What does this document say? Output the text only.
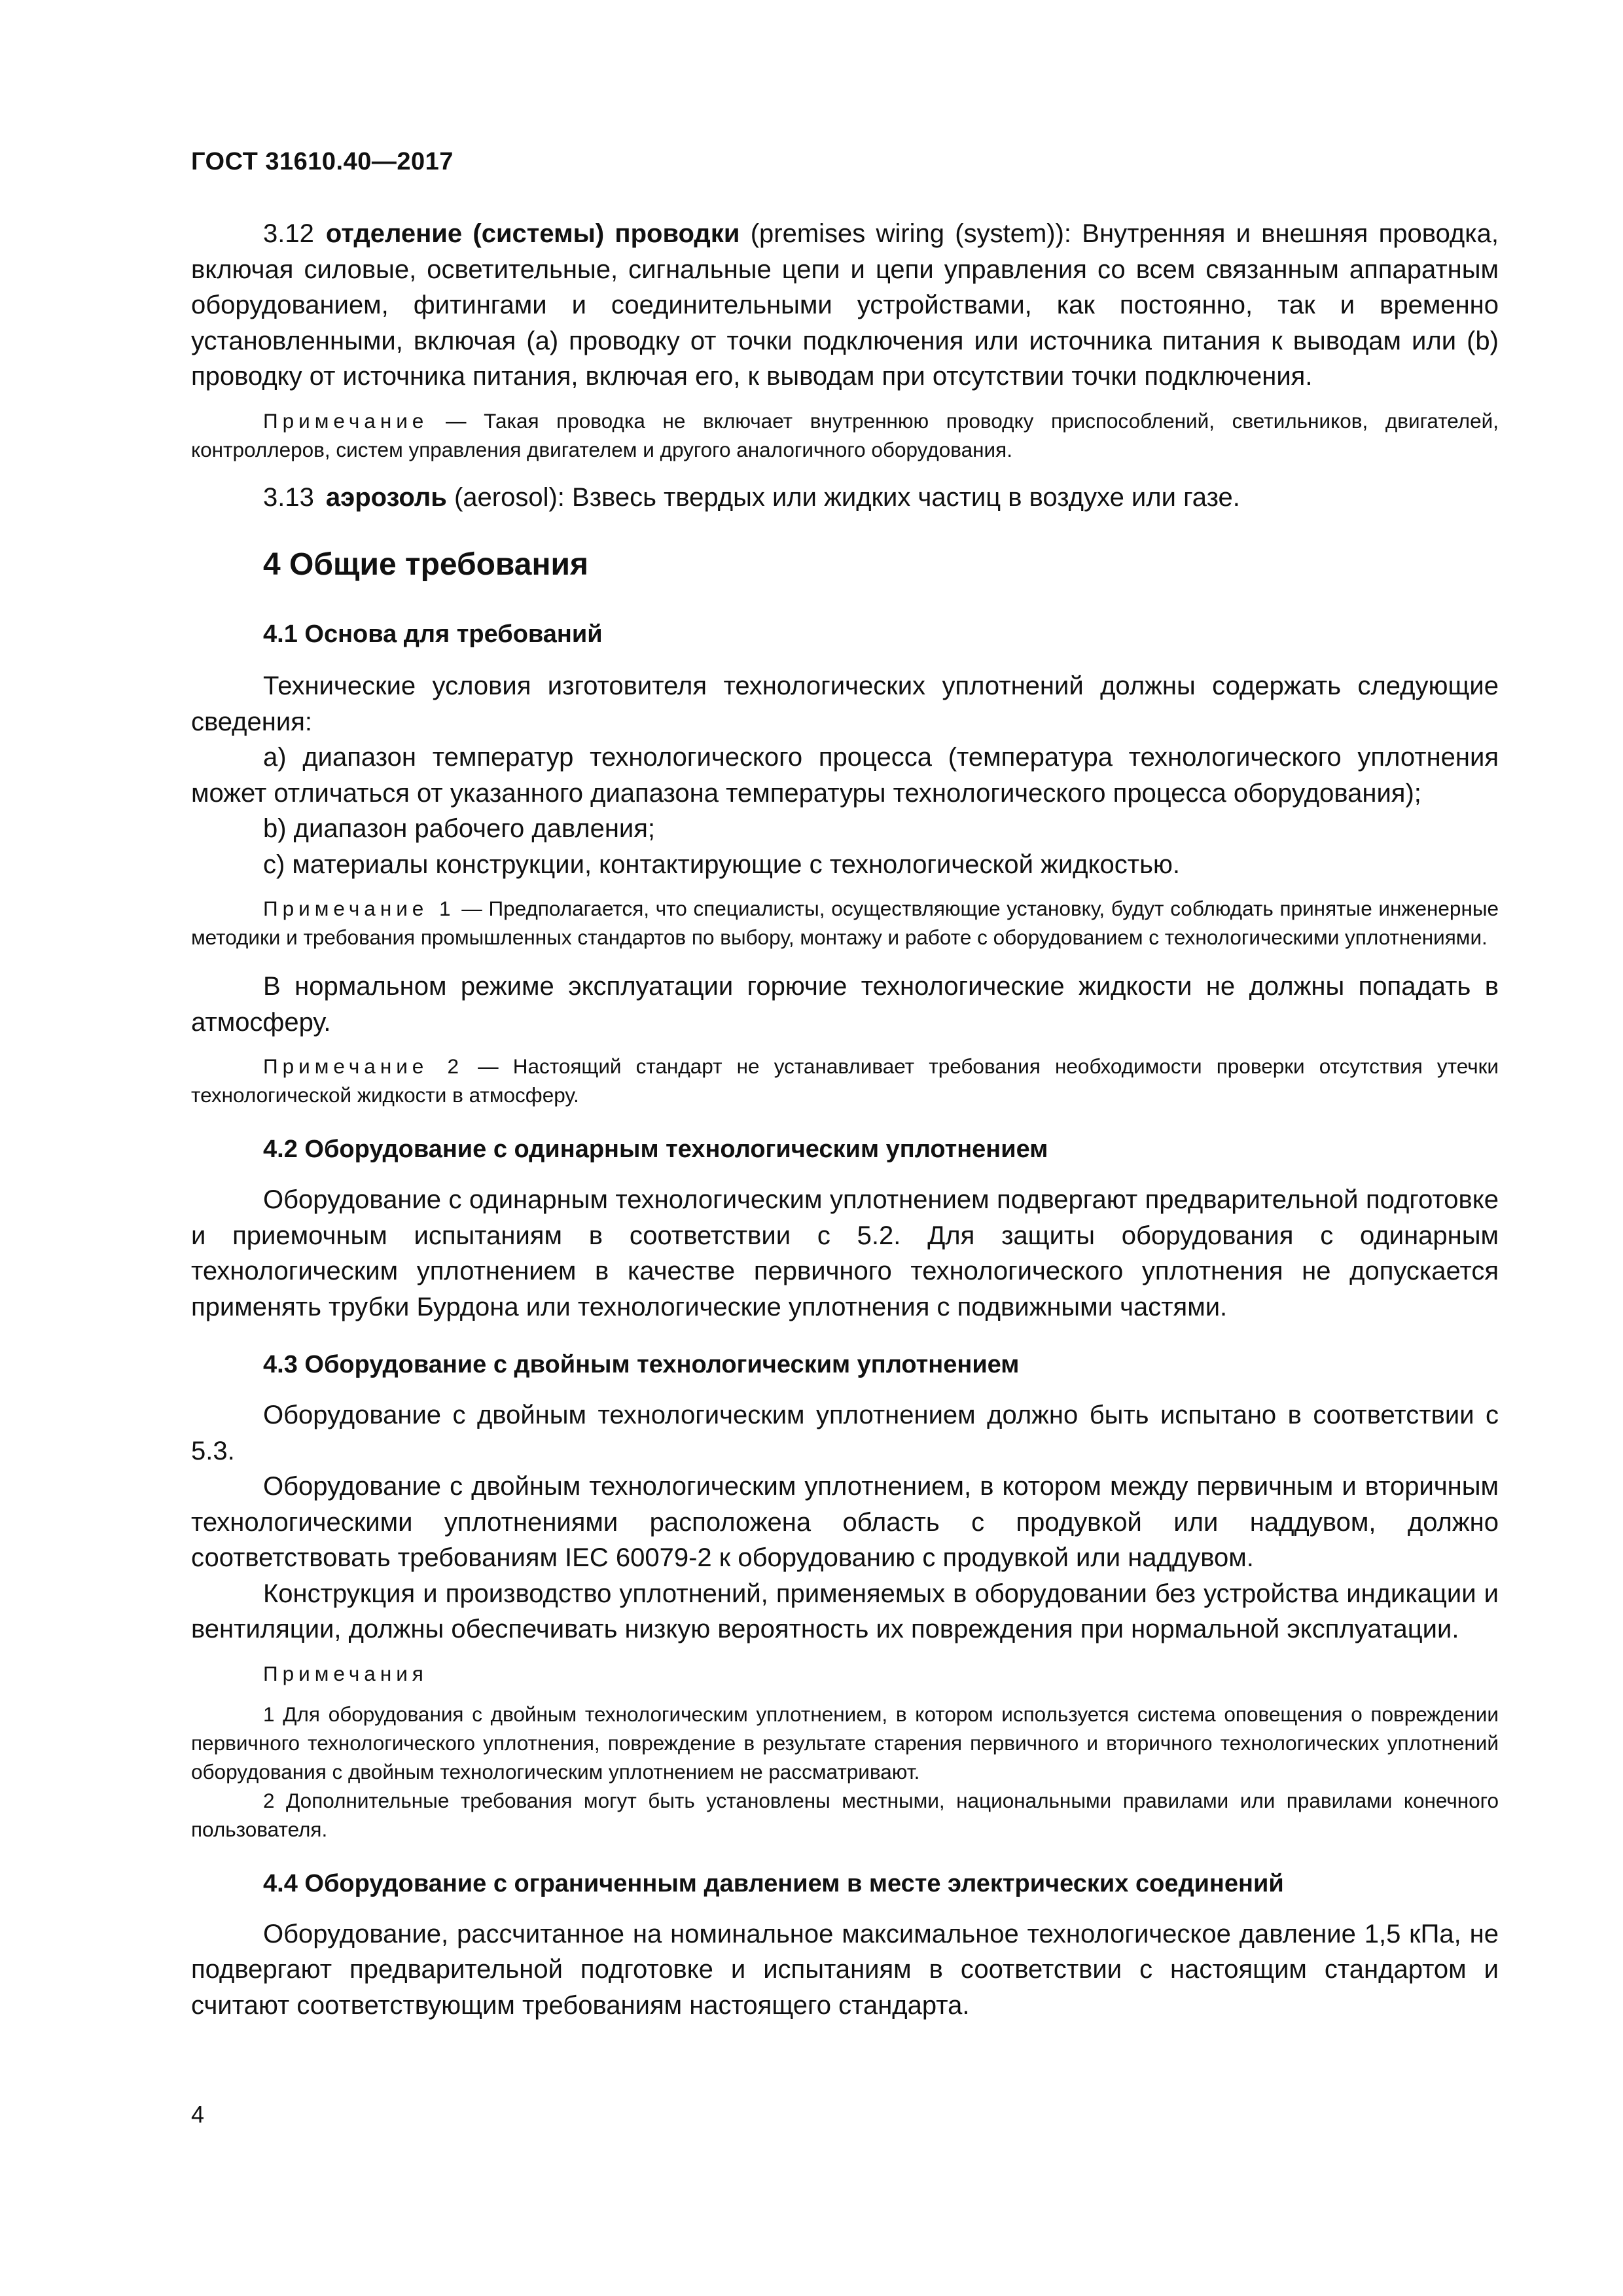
ГОСТ 31610.40—2017

3.12 отделение (системы) проводки (premises wiring (system)): Внутренняя и внешняя проводка, включая силовые, осветительные, сигнальные цепи и цепи управления со всем связанным аппаратным оборудованием, фитингами и соединительными устройствами, как постоянно, так и временно установленными, включая (a) проводку от точки подключения или источника питания к выводам или (b) проводку от источника питания, включая его, к выводам при отсутствии точки подключения.

Примечание — Такая проводка не включает внутреннюю проводку приспособлений, светильников, двигателей, контроллеров, систем управления двигателем и другого аналогичного оборудования.

3.13 аэрозоль (aerosol): Взвесь твердых или жидких частиц в воздухе или газе.

4 Общие требования
4.1 Основа для требований

Технические условия изготовителя технологических уплотнений должны содержать следующие сведения:

a) диапазон температур технологического процесса (температура технологического уплотнения может отличаться от указанного диапазона температуры технологического процесса оборудования);

b) диапазон рабочего давления;

c) материалы конструкции, контактирующие с технологической жидкостью.

Примечание 1 — Предполагается, что специалисты, осуществляющие установку, будут соблюдать принятые инженерные методики и требования промышленных стандартов по выбору, монтажу и работе с оборудованием с технологическими уплотнениями.

В нормальном режиме эксплуатации горючие технологические жидкости не должны попадать в атмосферу.

Примечание 2 — Настоящий стандарт не устанавливает требования необходимости проверки отсутствия утечки технологической жидкости в атмосферу.

4.2 Оборудование с одинарным технологическим уплотнением

Оборудование с одинарным технологическим уплотнением подвергают предварительной подготовке и приемочным испытаниям в соответствии с 5.2. Для защиты оборудования с одинарным технологическим уплотнением в качестве первичного технологического уплотнения не допускается применять трубки Бурдона или технологические уплотнения с подвижными частями.

4.3 Оборудование с двойным технологическим уплотнением

Оборудование с двойным технологическим уплотнением должно быть испытано в соответствии с 5.3.

Оборудование с двойным технологическим уплотнением, в котором между первичным и вторичным технологическими уплотнениями расположена область с продувкой или наддувом, должно соответствовать требованиям IEC 60079-2 к оборудованию с продувкой или наддувом.

Конструкция и производство уплотнений, применяемых в оборудовании без устройства индикации и вентиляции, должны обеспечивать низкую вероятность их повреждения при нормальной эксплуатации.

Примечания

1 Для оборудования с двойным технологическим уплотнением, в котором используется система оповещения о повреждении первичного технологического уплотнения, повреждение в результате старения первичного и вторичного технологических уплотнений оборудования с двойным технологическим уплотнением не рассматривают.

2 Дополнительные требования могут быть установлены местными, национальными правилами или правилами конечного пользователя.

4.4 Оборудование с ограниченным давлением в месте электрических соединений

Оборудование, рассчитанное на номинальное максимальное технологическое давление 1,5 кПа, не подвергают предварительной подготовке и испытаниям в соответствии с настоящим стандартом и считают соответствующим требованиям настоящего стандарта.

4
